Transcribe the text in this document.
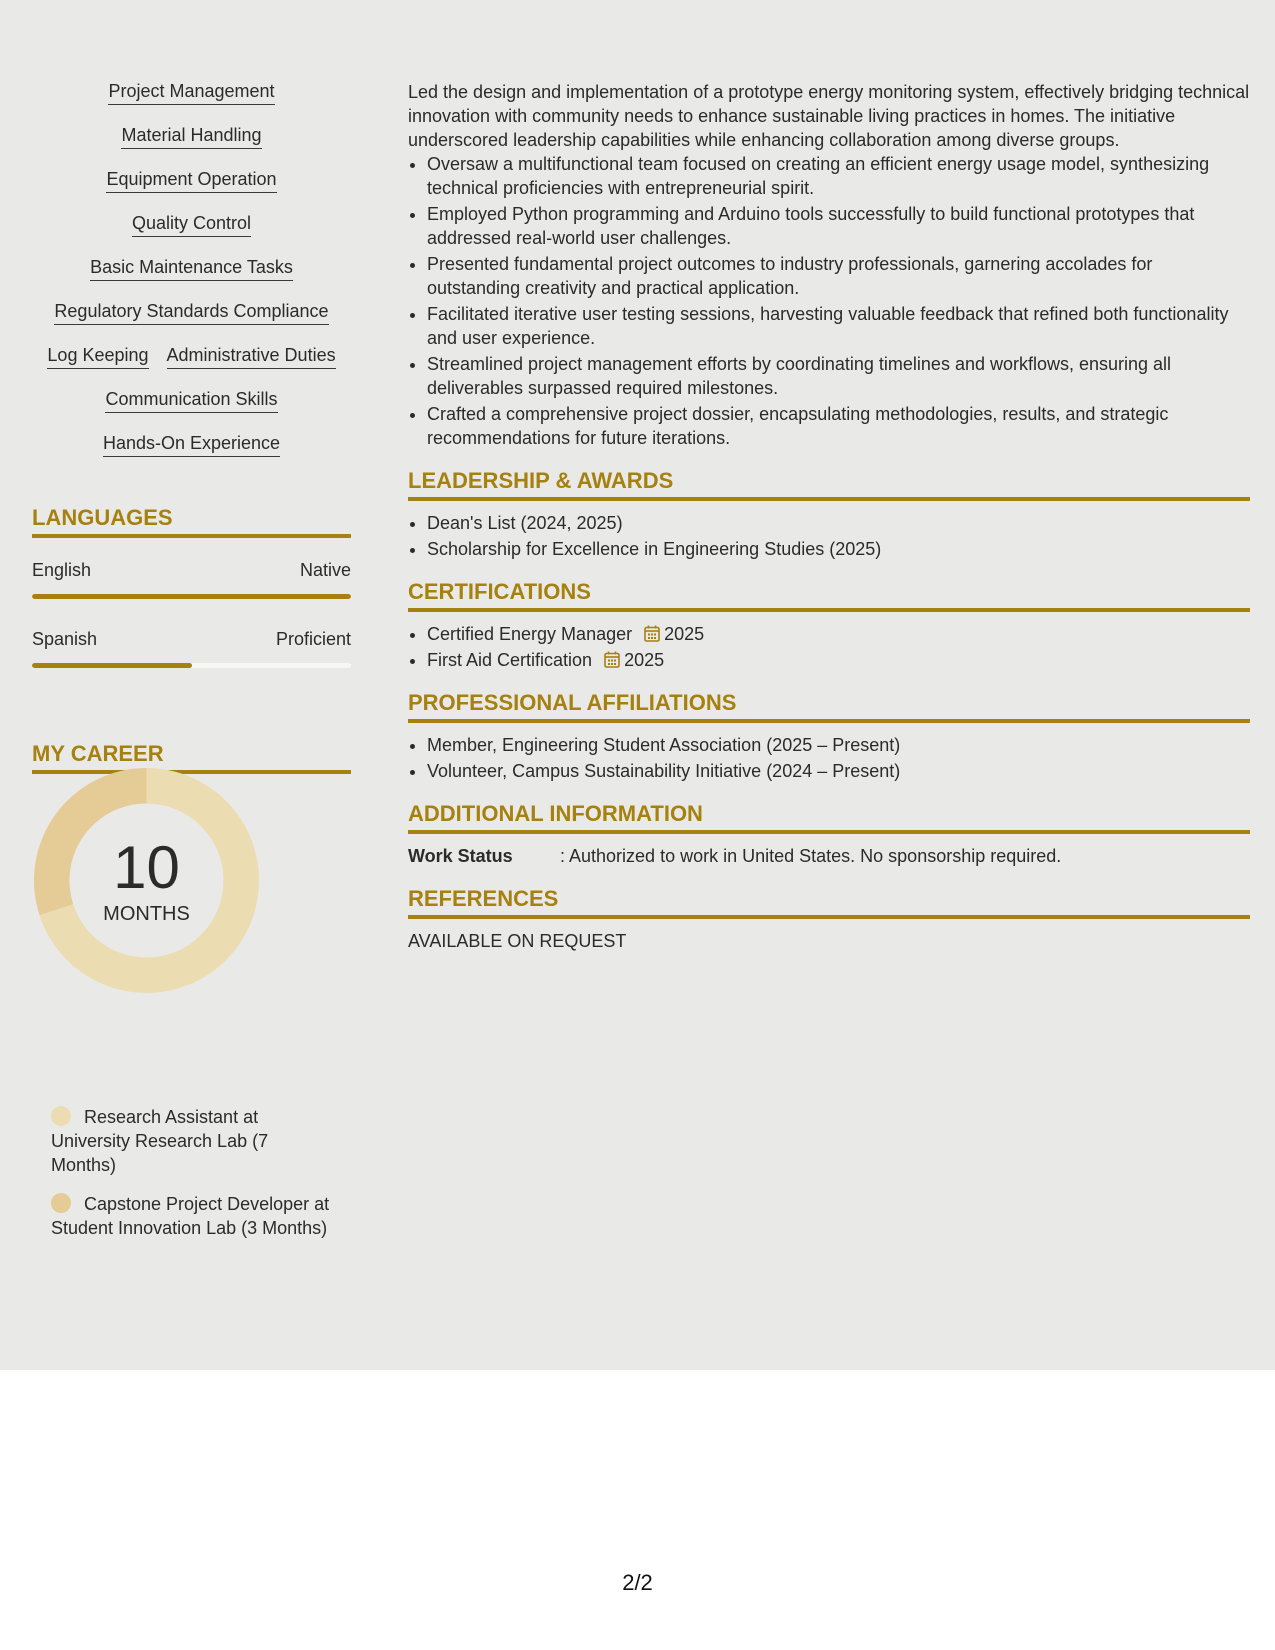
Project Management
Material Handling
Equipment Operation
Quality Control
Basic Maintenance Tasks
Regulatory Standards Compliance
Log Keeping Administrative Duties
Communication Skills
Hands-On Experience
LANGUAGES
English	Native
Spanish	Proficient
MY CAREER
10
MONTHS
Research Assistant at University Research Lab (7 Months)
Capstone Project Developer at Student Innovation Lab (3 Months)

Led the design and implementation of a prototype energy monitoring system, effectively bridging technical innovation with community needs to enhance sustainable living practices in homes. The initiative underscored leadership capabilities while enhancing collaboration among diverse groups.

• Oversaw a multifunctional team focused on creating an efficient energy usage model, synthesizing technical proficiencies with entrepreneurial spirit.
• Employed Python programming and Arduino tools successfully to build functional prototypes that addressed real-world user challenges.
• Presented fundamental project outcomes to industry professionals, garnering accolades for outstanding creativity and practical application.
• Facilitated iterative user testing sessions, harvesting valuable feedback that refined both functionality and user experience.
• Streamlined project management efforts by coordinating timelines and workflows, ensuring all deliverables surpassed required milestones.
• Crafted a comprehensive project dossier, encapsulating methodologies, results, and strategic recommendations for future iterations.
LEADERSHIP & AWARDS
• Dean's List (2024, 2025)
• Scholarship for Excellence in Engineering Studies (2025)
CERTIFICATIONS
• Certified Energy Manager 2025
• First Aid Certification 2025
PROFESSIONAL AFFILIATIONS
• Member, Engineering Student Association (2025 – Present)
• Volunteer, Campus Sustainability Initiative (2024 – Present)
ADDITIONAL INFORMATION
Work Status	: Authorized to work in United States. No sponsorship required.
REFERENCES
AVAILABLE ON REQUEST
2/2
